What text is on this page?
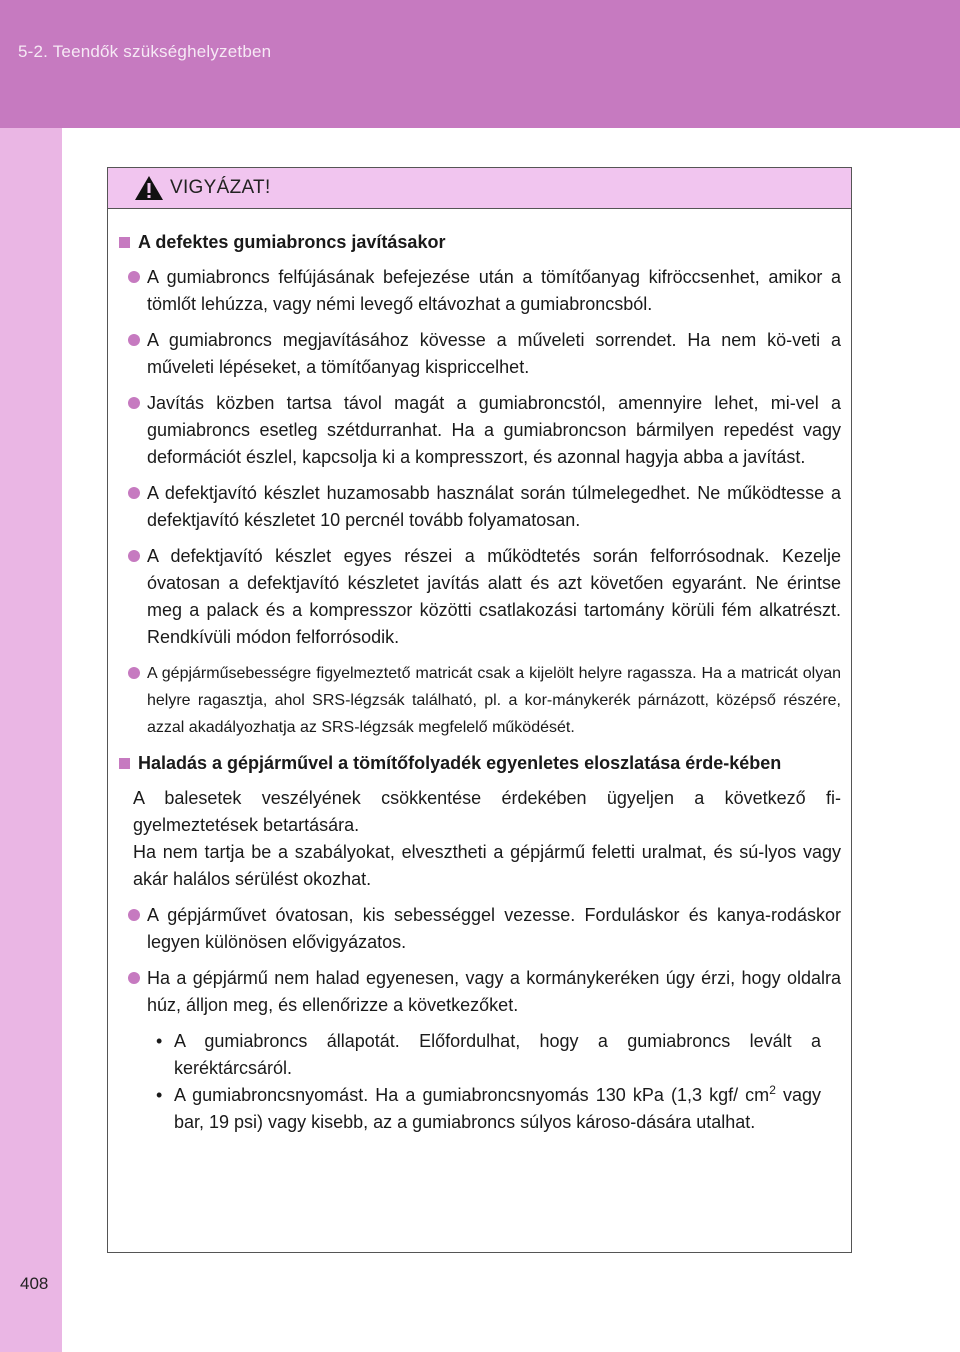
5-2. Teendők szükséghelyzetben
VIGYÁZAT!
A defektes gumiabroncs javításakor
A gumiabroncs felfújásának befejezése után a tömítőanyag kifröccsenhet, amikor a tömlőt lehúzza, vagy némi levegő eltávozhat a gumiabroncsból.
A gumiabroncs megjavításához kövesse a műveleti sorrendet. Ha nem kö-veti a műveleti lépéseket, a tömítőanyag kispriccelhet.
Javítás közben tartsa távol magát a gumiabroncstól, amennyire lehet, mi-vel a gumiabroncs esetleg szétdurranhat. Ha a gumiabroncson bármilyen repedést vagy deformációt észlel, kapcsolja ki a kompresszort, és azonnal hagyja abba a javítást.
A defektjavító készlet huzamosabb használat során túlmelegedhet. Ne működtesse a defektjavító készletet 10 percnél tovább folyamatosan.
A defektjavító készlet egyes részei a működtetés során felforrósodnak. Kezelje óvatosan a defektjavító készletet javítás alatt és azt követően egyaránt. Ne érintse meg a palack és a kompresszor közötti csatlakozási tartomány körüli fém alkatrészt. Rendkívüli módon felforrósodik.
A gépjárműsebességre figyelmeztető matricát csak a kijelölt helyre ragassza. Ha a matricát olyan helyre ragasztja, ahol SRS-légzsák található, pl. a kor-mánykerék párnázott, középső részére, azzal akadályozhatja az SRS-légzsák megfelelő működését.
Haladás a gépjárművel a tömítőfolyadék egyenletes eloszlatása érde-kében
A balesetek veszélyének csökkentése érdekében ügyeljen a következő fi-gyelmeztetések betartására.
Ha nem tartja be a szabályokat, elvesztheti a gépjármű feletti uralmat, és sú-lyos vagy akár halálos sérülést okozhat.
A gépjárművet óvatosan, kis sebességgel vezesse. Forduláskor és kanya-rodáskor legyen különösen elővigyázatos.
Ha a gépjármű nem halad egyenesen, vagy a kormánykeréken úgy érzi, hogy oldalra húz, álljon meg, és ellenőrizze a következőket.
• A gumiabroncs állapotát. Előfordulhat, hogy a gumiabroncs levált a keréktárcsáról.
• A gumiabroncsnyomást. Ha a gumiabroncsnyomás 130 kPa (1,3 kgf/ $cm^2$ vagy bar, 19 psi) vagy kisebb, az a gumiabroncs súlyos károso-dására utalhat.
408
